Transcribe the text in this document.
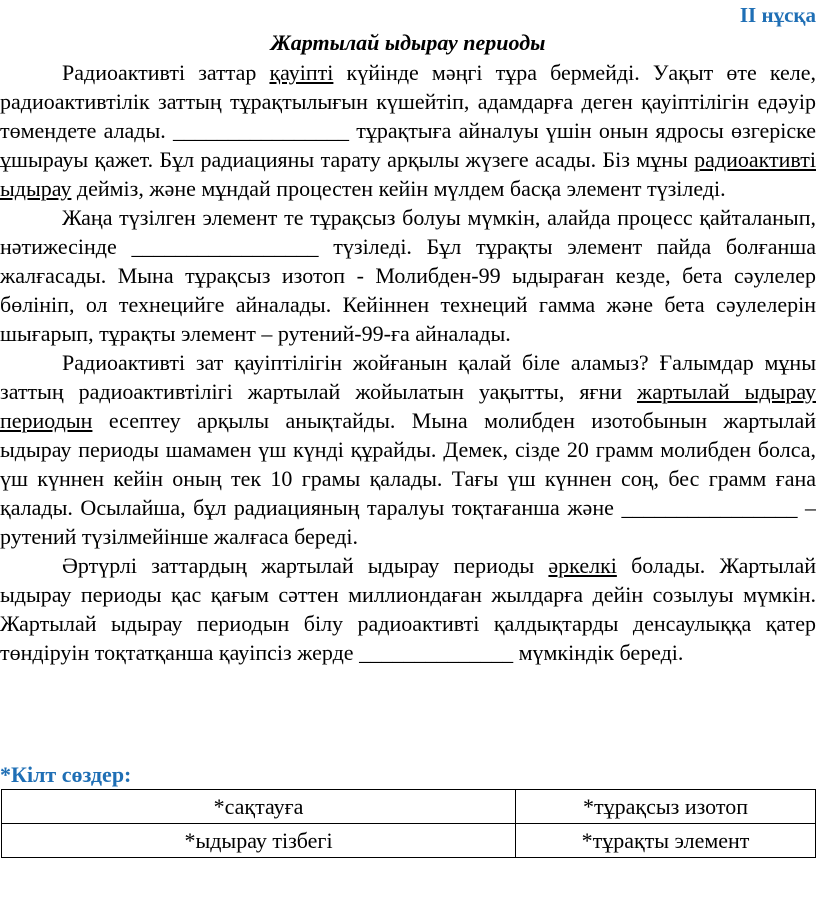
II нұсқа
Жартылай ыдырау периоды

Радиоактивті заттар қауіпті күйінде мәңгі тұра бермейді. Уақыт өте келе, радиоактивтілік заттың тұрақтылығын күшейтіп, адамдарға деген қауіптілігін едәуір төмендете алады. ________________ тұрақтығa айналуы үшін онын ядросы өзгеріске ұшырауы қажет. Бұл радиацияны тарату арқылы жүзеге асады. Біз мұны радиоактивті ыдырау дейміз, және мұндай процестен кейін мүлдем басқа элемент түзіледі.

Жаңа түзілген элемент те тұрақсыз болуы мүмкін, алайда процесс қайталанып, нәтижесінде _________________ түзіледі. Бұл тұрақты элемент пайда болғанша жалғасады. Мына тұрақсыз изотоп - Молибден-99 ыдыраған кезде, бета сәулелер бөлініп, ол технецийге айналады. Кейіннен технеций гамма және бета сәулелерін шығарып, тұрақты элемент – рутений-99-ға айналады.

Радиоактивті зат қауіптілігін жойғанын қалай біле аламыз? Ғалымдар мұны заттың радиоактивтілігі жартылай жойылатын уақытты, яғни жартылай ыдырау периодын есептеу арқылы анықтайды. Мына молибден изотобынын жартылай ыдырау периоды шамамен үш күнді құрайды. Демек, сізде 20 грамм молибден болса, үш күннен кейін оның тек 10 грамы қалады. Тағы үш күннен соң, бес грамм ғана қалады. Осылайша, бұл радиацияның таралуы тоқтағанша және ________________ – рутений түзілмейінше жалғаса береді.

Әртүрлі заттардың жартылай ыдырау периоды әркелкі болады. Жартылай ыдырау периоды қас қағым сәттен миллиондаған жылдарға дейін созылуы мүмкін. Жартылай ыдырау периодын білу радиоактивті қалдықтарды денсаулыққа қатер төндіруін тоқтатқанша қауіпсіз жерде ______________ мүмкіндік береді.

*Кілт сөздер:
*сақтауға	*тұрақсыз изотоп
*ыдырау тізбегі	*тұрақты элемент
